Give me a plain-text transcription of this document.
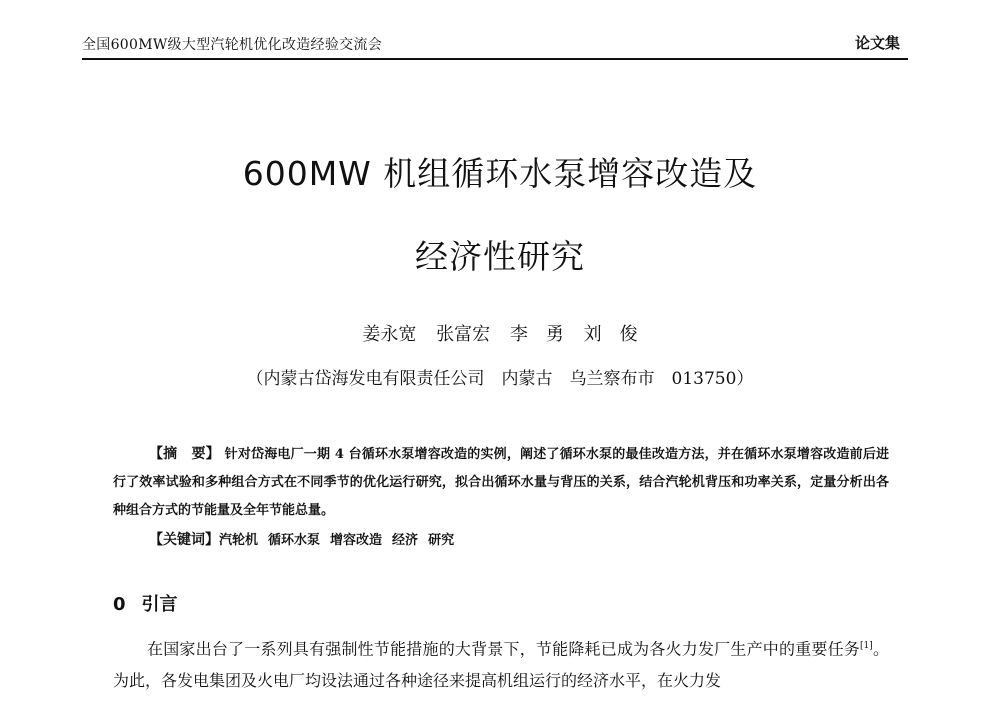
全国600MW级大型汽轮机优化改造经验交流会	论文集
600MW 机组循环水泵增容改造及
经济性研究
姜永宽 张富宏 李　勇 刘　俊
（内蒙古岱海发电有限责任公司　内蒙古　乌兰察布市　013750）
【摘　要】 针对岱海电厂一期 4 台循环水泵增容改造的实例，阐述了循环水泵的最佳改造方法，并在循环水泵增容改造前后进行了效率试验和多种组合方式在不同季节的优化运行研究，拟合出循环水量与背压的关系，结合汽轮机背压和功率关系，定量分析出各种组合方式的节能量及全年节能总量。
【关键词】汽轮机 循环水泵 增容改造 经济 研究
0 引言
在国家出台了一系列具有强制性节能措施的大背景下，节能降耗已成为各火力发厂生产中的重要任务[1]。为此，各发电集团及火电厂均设法通过各种途径来提高机组运行的经济水平，在火力发
